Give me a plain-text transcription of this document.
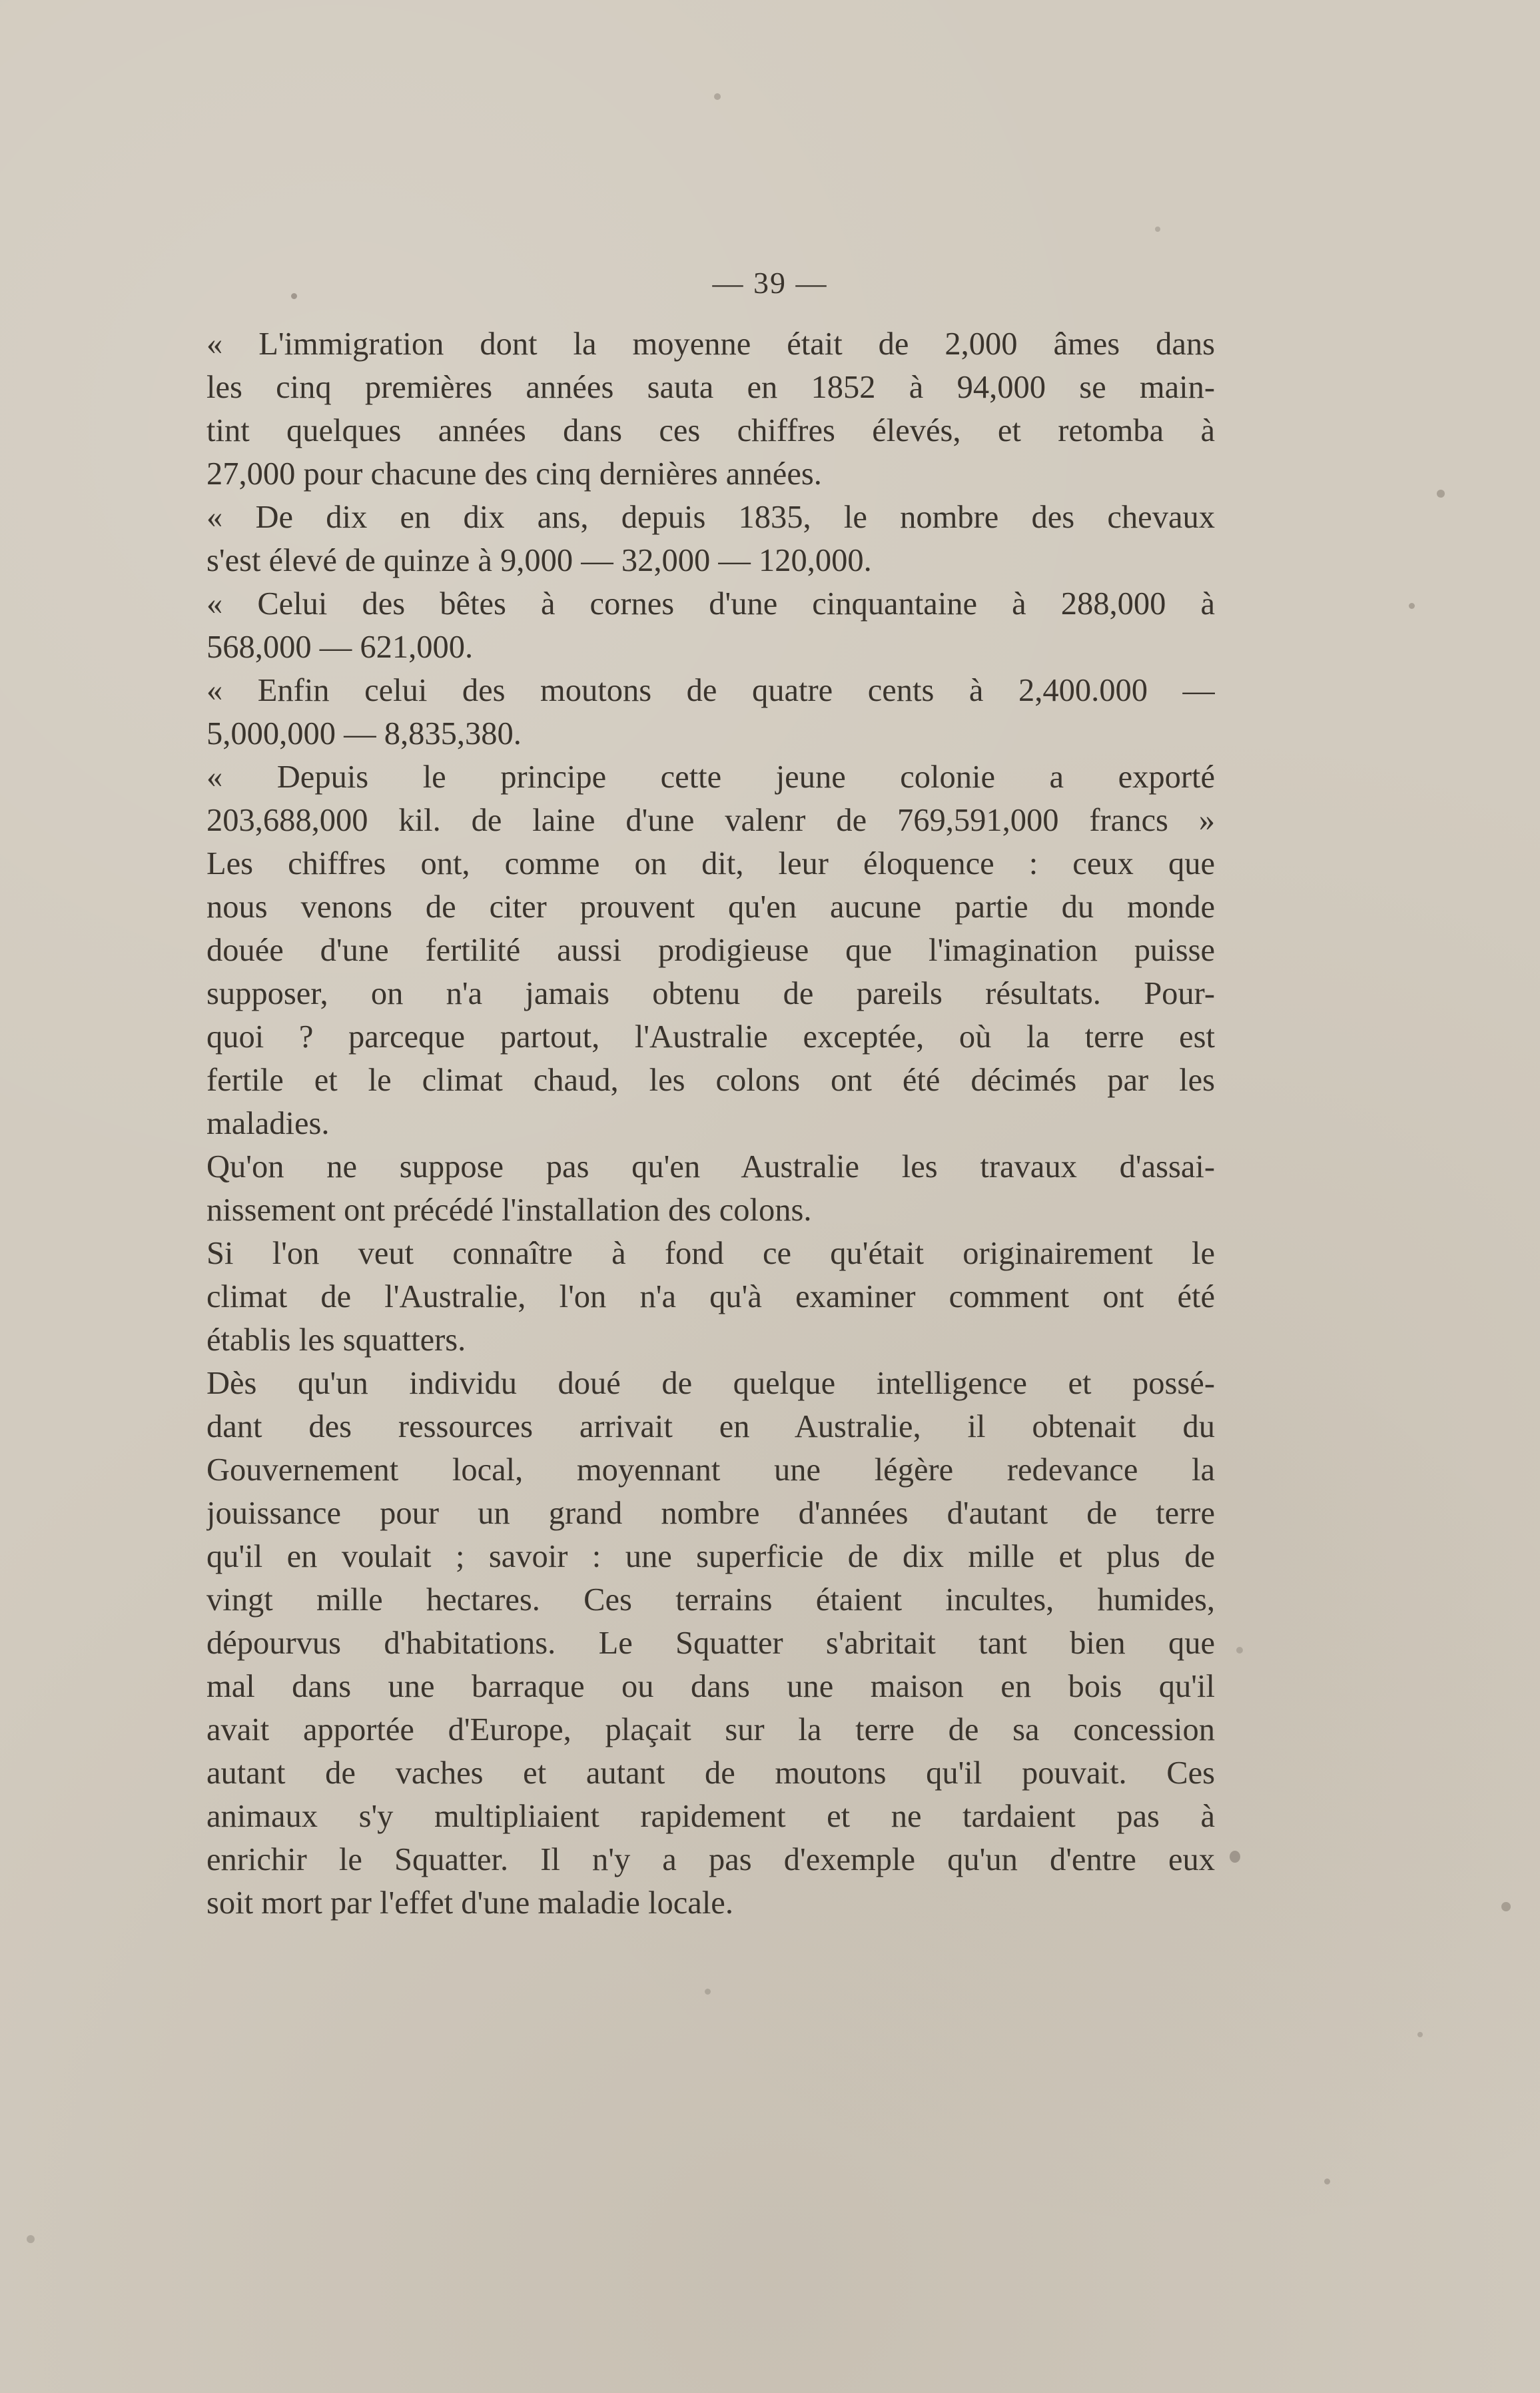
— 39 —
« L'immigration dont la moyenne était de 2,000 âmes dans
les cinq premières années sauta en 1852 à 94,000 se main-
tint quelques années dans ces chiffres élevés, et retomba à
27,000 pour chacune des cinq dernières années.
« De dix en dix ans, depuis 1835, le nombre des chevaux
s'est élevé de quinze à 9,000 — 32,000 — 120,000.
« Celui des bêtes à cornes d'une cinquantaine à 288,000 à
568,000 — 621,000.
« Enfin celui des moutons de quatre cents à 2,400.000 —
5,000,000 — 8,835,380.
« Depuis le principe cette jeune colonie a exporté
203,688,000 kil. de laine d'une valenr de 769,591,000 francs »
Les chiffres ont, comme on dit, leur éloquence : ceux que
nous venons de citer prouvent qu'en aucune partie du monde
douée d'une fertilité aussi prodigieuse que l'imagination puisse
supposer, on n'a jamais obtenu de pareils résultats. Pour-
quoi ? parceque partout, l'Australie exceptée, où la terre est
fertile et le climat chaud, les colons ont été décimés par les
maladies.
Qu'on ne suppose pas qu'en Australie les travaux d'assai-
nissement ont précédé l'installation des colons.
Si l'on veut connaître à fond ce qu'était originairement le
climat de l'Australie, l'on n'a qu'à examiner comment ont été
établis les squatters.
Dès qu'un individu doué de quelque intelligence et possé-
dant des ressources arrivait en Australie, il obtenait du
Gouvernement local, moyennant une légère redevance la
jouissance pour un grand nombre d'années d'autant de terre
qu'il en voulait ; savoir : une superficie de dix mille et plus de
vingt mille hectares. Ces terrains étaient incultes, humides,
dépourvus d'habitations. Le Squatter s'abritait tant bien que
mal dans une barraque ou dans une maison en bois qu'il
avait apportée d'Europe, plaçait sur la terre de sa concession
autant de vaches et autant de moutons qu'il pouvait. Ces
animaux s'y multipliaient rapidement et ne tardaient pas à
enrichir le Squatter. Il n'y a pas d'exemple qu'un d'entre eux
soit mort par l'effet d'une maladie locale.
